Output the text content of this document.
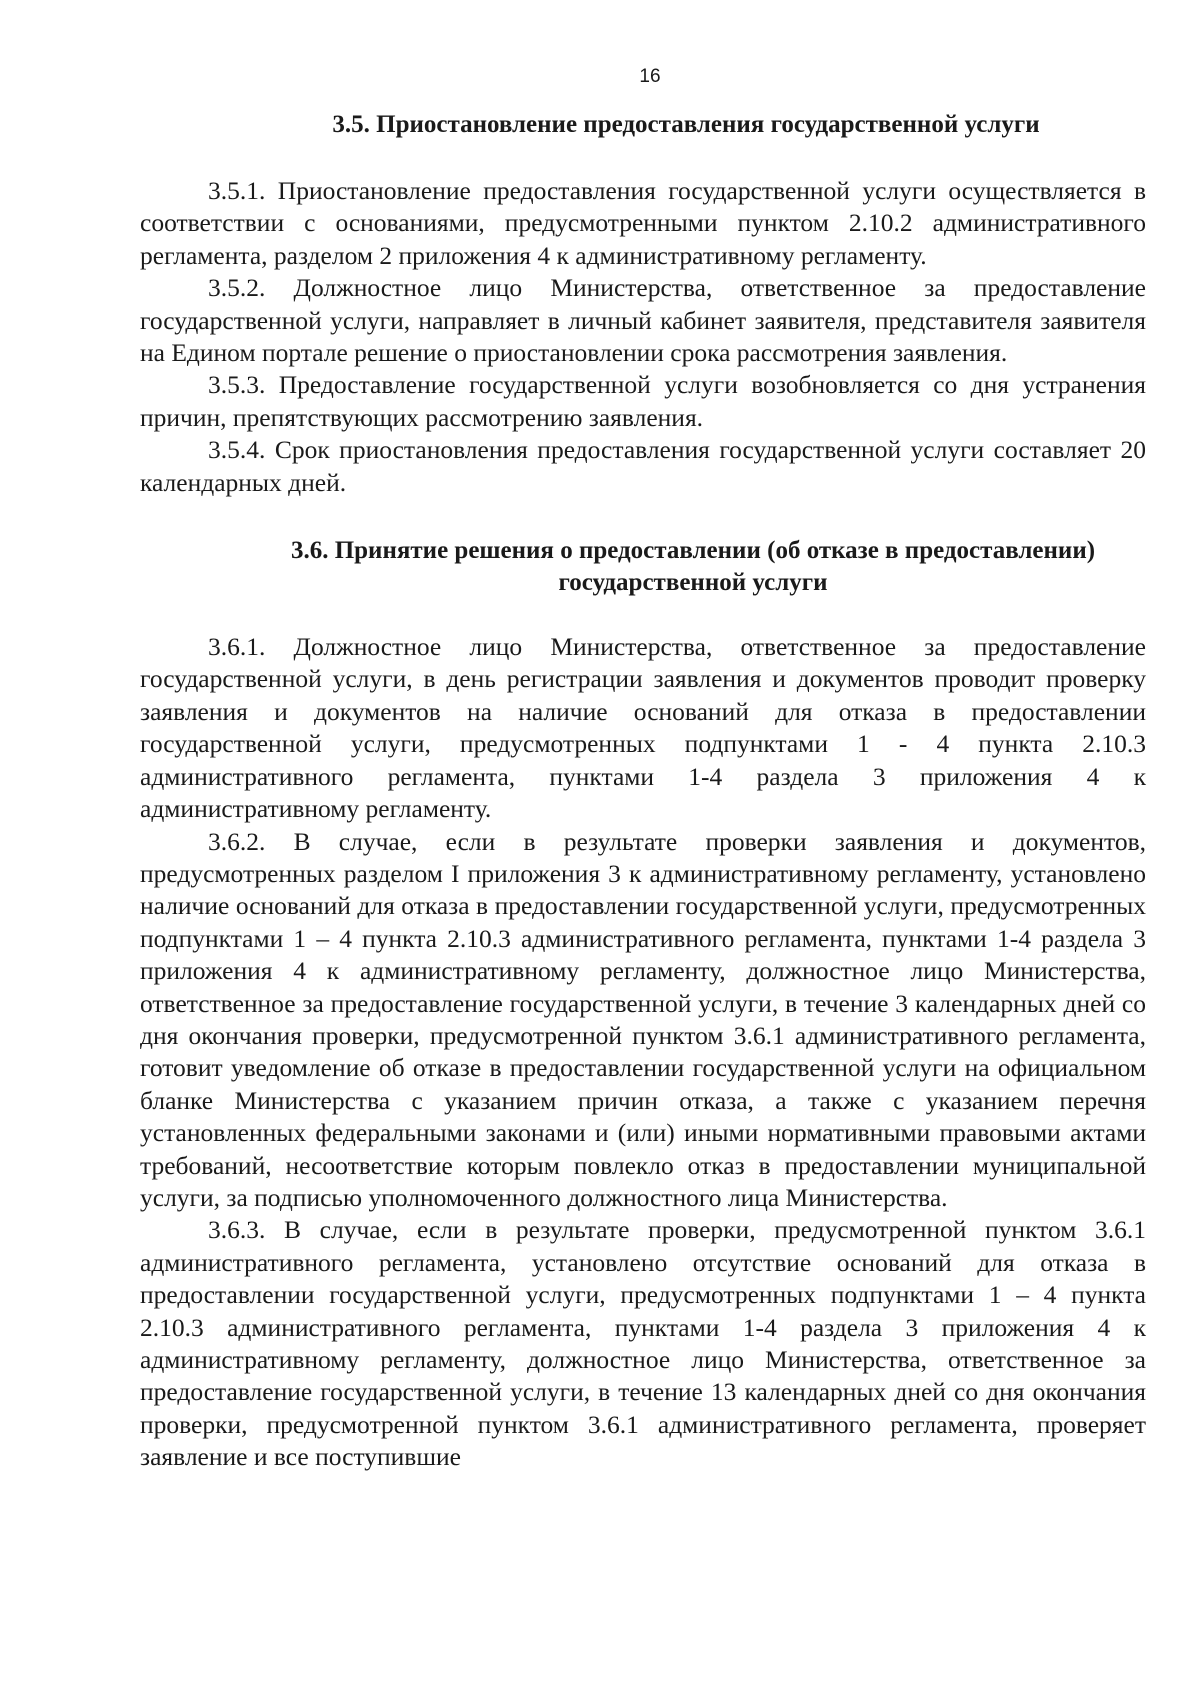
16
3.5. Приостановление предоставления государственной услуги

3.5.1. Приостановление предоставления государственной услуги осуществляется в соответствии с основаниями, предусмотренными пунктом 2.10.2 административного регламента, разделом 2 приложения 4 к административному регламенту.

3.5.2. Должностное лицо Министерства, ответственное за предоставление государственной услуги, направляет в личный кабинет заявителя, представителя заявителя на Едином портале решение о приостановлении срока рассмотрения заявления.

3.5.3. Предоставление государственной услуги возобновляется со дня устранения причин, препятствующих рассмотрению заявления.

3.5.4. Срок приостановления предоставления государственной услуги составляет 20 календарных дней.

3.6. Принятие решения о предоставлении (об отказе в предоставлении)
государственной услуги

3.6.1. Должностное лицо Министерства, ответственное за предоставление государственной услуги, в день регистрации заявления и документов проводит проверку заявления и документов на наличие оснований для отказа в предоставлении государственной услуги, предусмотренных подпунктами 1 - 4 пункта 2.10.3 административного регламента, пунктами 1-4 раздела 3 приложения 4 к административному регламенту.

3.6.2. В случае, если в результате проверки заявления и документов, предусмотренных разделом I приложения 3 к административному регламенту, установлено наличие оснований для отказа в предоставлении государственной услуги, предусмотренных подпунктами 1 – 4 пункта 2.10.3 административного регламента, пунктами 1-4 раздела 3 приложения 4 к административному регламенту, должностное лицо Министерства, ответственное за предоставление государственной услуги, в течение 3 календарных дней со дня окончания проверки, предусмотренной пунктом 3.6.1 административного регламента, готовит уведомление об отказе в предоставлении государственной услуги на официальном бланке Министерства с указанием причин отказа, а также с указанием перечня установленных федеральными законами и (или) иными нормативными правовыми актами требований, несоответствие которым повлекло отказ в предоставлении муниципальной услуги, за подписью уполномоченного должностного лица Министерства.

3.6.3. В случае, если в результате проверки, предусмотренной пунктом 3.6.1 административного регламента, установлено отсутствие оснований для отказа в предоставлении государственной услуги, предусмотренных подпунктами 1 – 4 пункта 2.10.3 административного регламента, пунктами 1-4 раздела 3 приложения 4 к административному регламенту, должностное лицо Министерства, ответственное за предоставление государственной услуги, в течение 13 календарных дней со дня окончания проверки, предусмотренной пунктом 3.6.1 административного регламента, проверяет заявление и все поступившие
